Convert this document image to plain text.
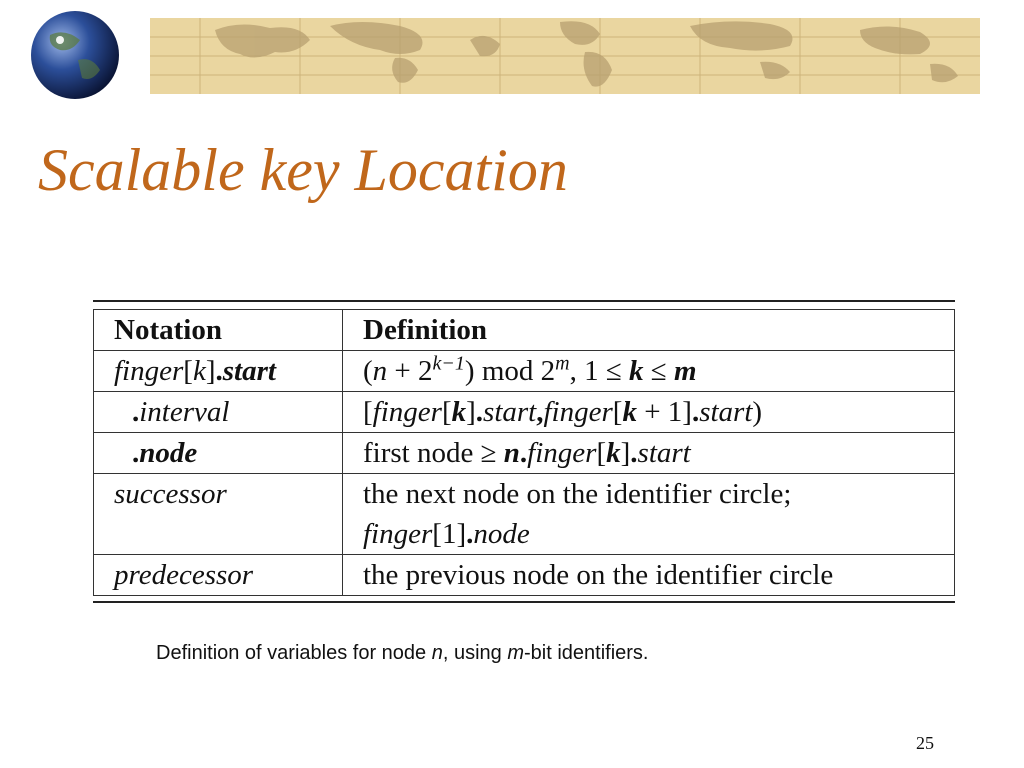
Scalable key Location
Notation	Definition
finger[k].start	$(n + 2^{k-1})$ mod 2$^m$, 1 ≤ k ≤ m
.interval	[finger[k].start,finger[k + 1].start)
.node	first node ≥ n.finger[k].start
successor	the next node on the identifier circle;
finger[1].node

predecessor	the previous node on the identifier circle

Definition of variables for node n, using m-bit identifiers.

25
